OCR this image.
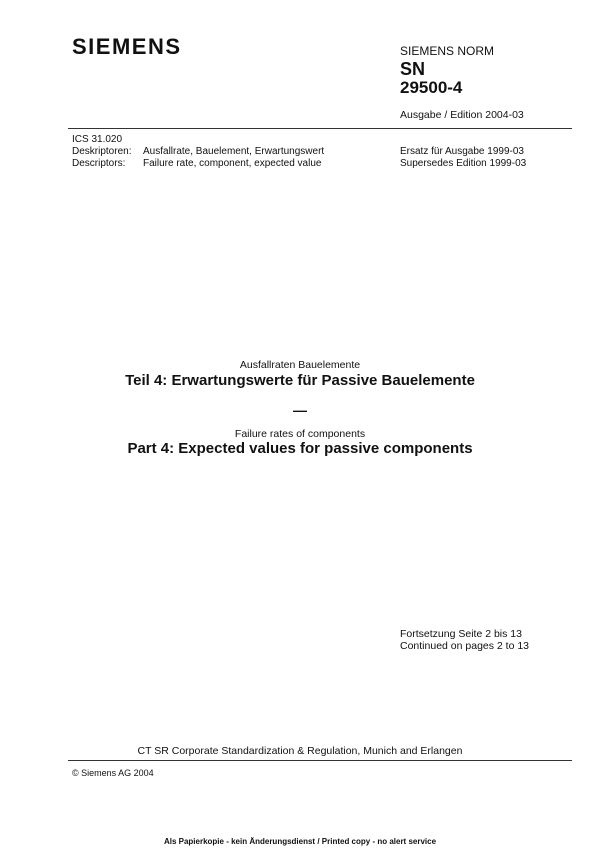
SIEMENS	SIEMENS NORM
SN
29500-4
Ausgabe / Edition 2004-03
ICS 31.020
Deskriptoren: Ausfallrate, Bauelement, Erwartungswert
Descriptors: Failure rate, component, expected value
Ersatz für Ausgabe 1999-03
Supersedes Edition 1999-03
Ausfallraten Bauelemente
Teil 4: Erwartungswerte für Passive Bauelemente
—
Failure rates of components
Part 4: Expected values for passive components
Fortsetzung Seite 2 bis 13
Continued on pages 2 to 13
CT SR Corporate Standardization & Regulation, Munich and Erlangen
© Siemens AG 2004
Als Papierkopie - kein Änderungsdienst / Printed copy - no alert service
